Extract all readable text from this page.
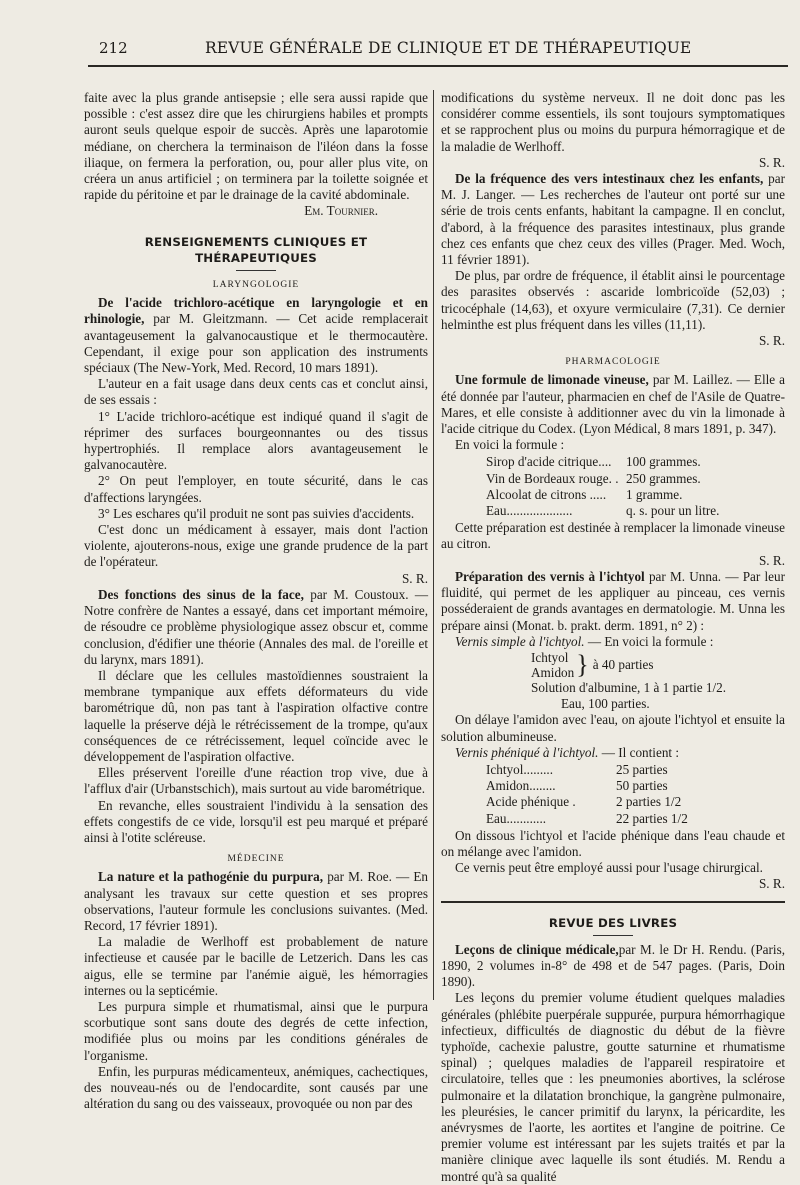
212	REVUE GÉNÉRALE DE CLINIQUE ET DE THÉRAPEUTIQUE

faite avec la plus grande antisepsie ; elle sera aussi rapide que possible : c'est assez dire que les chirurgiens habiles et prompts auront seuls quelque espoir de succès. Après une laparotomie médiane, on cherchera la terminaison de l'iléon dans la fosse iliaque, on fermera la perforation, ou, pour aller plus vite, on créera un anus artificiel ; on terminera par la toilette soignée et rapide du péritoine et par le drainage de la cavité abdominale.

Em. Tournier.

RENSEIGNEMENTS CLINIQUES ET THÉRAPEUTIQUES
LARYNGOLOGIE

De l'acide trichloro-acétique en laryngologie et en rhinologie, par M. Gleitzmann. — Cet acide remplacerait avantageusement la galvanocaustique et le thermocautère. Cependant, il exige pour son application des instruments spéciaux (The New-York, Med. Record, 10 mars 1891).

L'auteur en a fait usage dans deux cents cas et conclut ainsi, de ses essais :

1° L'acide trichloro-acétique est indiqué quand il s'agit de réprimer des surfaces bourgeonnantes ou des tissus hypertrophiés. Il remplace alors avantageusement le galvanocautère.

2° On peut l'employer, en toute sécurité, dans le cas d'affections laryngées.

3° Les eschares qu'il produit ne sont pas suivies d'accidents.

C'est donc un médicament à essayer, mais dont l'action violente, ajouterons-nous, exige une grande prudence de la part de l'opérateur.

S. R.

Des fonctions des sinus de la face, par M. Coustoux. — Notre confrère de Nantes a essayé, dans cet important mémoire, de résoudre ce problème physiologique assez obscur et, comme conclusion, d'édifier une théorie (Annales des mal. de l'oreille et du larynx, mars 1891).

Il déclare que les cellules mastoïdiennes soustraient la membrane tympanique aux effets déformateurs du vide barométrique dû, non pas tant à l'aspiration olfactive contre laquelle la préserve déjà le rétrécissement de la trompe, qu'aux conséquences de ce rétrécissement, lequel coïncide avec le développement de l'aspiration olfactive.

Elles préservent l'oreille d'une réaction trop vive, due à l'afflux d'air (Urbanstschich), mais surtout au vide barométrique.

En revanche, elles soustraient l'individu à la sensation des effets congestifs de ce vide, lorsqu'il est peu marqué et préparé ainsi à l'otite scléreuse.

MÉDECINE

La nature et la pathogénie du purpura, par M. Roe. — En analysant les travaux sur cette question et ses propres observations, l'auteur formule les conclusions suivantes. (Med. Record, 17 février 1891).

La maladie de Werlhoff est probablement de nature infectieuse et causée par le bacille de Letzerich. Dans les cas aigus, elle se termine par l'anémie aiguë, les hémorragies internes ou la septicémie.

Les purpura simple et rhumatismal, ainsi que le purpura scorbutique sont sans doute des degrés de cette infection, modifiée plus ou moins par les conditions générales de l'organisme.

Enfin, les purpuras médicamenteux, anémiques, cachectiques, des nouveau-nés ou de l'endocardite, sont causés par une altération du sang ou des vaisseaux, provoquée ou non par des

modifications du système nerveux. Il ne doit donc pas les considérer comme essentiels, ils sont toujours symptomatiques et se rapprochent plus ou moins du purpura hémorragique et de la maladie de Werlhoff.

S. R.

De la fréquence des vers intestinaux chez les enfants, par M. J. Langer. — Les recherches de l'auteur ont porté sur une série de trois cents enfants, habitant la campagne. Il en conclut, d'abord, à la fréquence des parasites intestinaux, plus grande chez ces enfants que chez ceux des villes (Prager. Med. Woch, 11 février 1891).

De plus, par ordre de fréquence, il établit ainsi le pourcentage des parasites observés : ascaride lombricoïde (52,03) ; tricocéphale (14,63), et oxyure vermiculaire (7,31). Ce dernier helminthe est plus fréquent dans les villes (11,11).

S. R.

PHARMACOLOGIE

Une formule de limonade vineuse, par M. Laillez. — Elle a été donnée par l'auteur, pharmacien en chef de l'Asile de Quatre-Mares, et elle consiste à additionner avec du vin la limonade à l'acide citrique du Codex. (Lyon Médical, 8 mars 1891, p. 347).

En voici la formule :

Sirop d'acide citrique....	100 grammes.
Vin de Bordeaux rouge. . 250 grammes.
Alcoolat de citrons .....	1 gramme.
Eau....................	q. s. pour un litre.

Cette préparation est destinée à remplacer la limonade vineuse au citron.

S. R.

Préparation des vernis à l'ichtyol par M. Unna. — Par leur fluidité, qui permet de les appliquer au pinceau, ces vernis posséderaient de grands avantages en dermatologie. M. Unna les prépare ainsi (Monat. b. prakt. derm. 1891, n° 2) :

Vernis simple à l'ichtyol. — En voici la formule :

Ichtyol
Amidon } à 40 parties
Solution d'albumine, 1 à 1 partie 1/2.
Eau, 100 parties.

On délaye l'amidon avec l'eau, on ajoute l'ichtyol et ensuite la solution albumineuse.

Vernis phéniqué à l'ichtyol. — Il contient :

Ichtyol.........	25 parties
Amidon........	50 parties
Acide phénique .	2 parties 1/2
Eau............	22 parties 1/2

On dissous l'ichtyol et l'acide phénique dans l'eau chaude et on mélange avec l'amidon.

Ce vernis peut être employé aussi pour l'usage chirurgical.

S. R.

REVUE DES LIVRES

Leçons de clinique médicale,par M. le Dr H. Rendu. (Paris, 1890, 2 volumes in-8° de 498 et de 547 pages. (Paris, Doin 1890).

Les leçons du premier volume étudient quelques maladies générales (phlébite puerpérale suppurée, purpura hémorrhagique infectieux, difficultés de diagnostic du début de la fièvre typhoïde, cachexie palustre, goutte saturnine et rhumatisme spinal) ; quelques maladies de l'appareil respiratoire et circulatoire, telles que : les pneumonies abortives, la sclérose pulmonaire et la dilatation bronchique, la gangrène pulmonaire, les pleurésies, le cancer primitif du larynx, la péricardite, les anévrysmes de l'aorte, les aortites et l'angine de poitrine. Ce premier volume est intéressant par les sujets traités et par la manière clinique avec laquelle ils sont étudiés. M. Rendu a montré qu'à sa qualité
